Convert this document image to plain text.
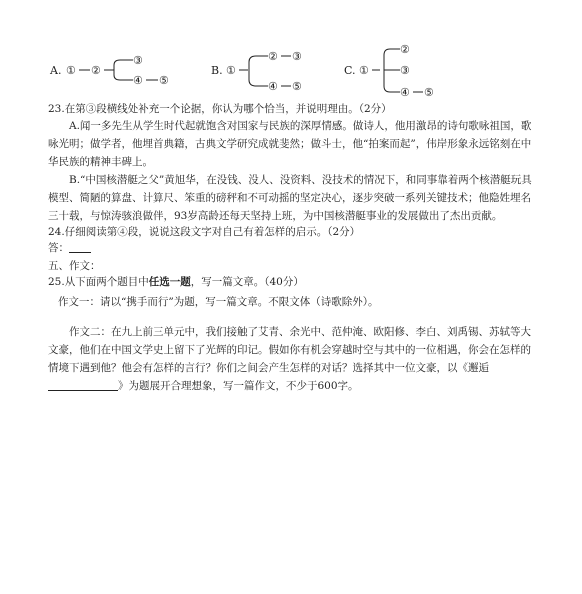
A. ① ②
③
④ ⑤
B. ①
② ③
④ ⑤
C. ①
②
③
④ ⑤
23.在第③段横线处补充一个论据，你认为哪个恰当，并说明理由。（2分）
A.闻一多先生从学生时代起就饱含对国家与民族的深厚情感。做诗人，他用激昂的诗句歌咏祖国，歌咏光明；做学者，他埋首典籍，古典文学研究成就斐然；做斗士，他“拍案而起”，伟岸形象永远铭刻在中华民族的精神丰碑上。
B.“中国核潜艇之父”黄旭华，在没钱、没人、没资料、没技术的情况下，和同事靠着两个核潜艇玩具模型、简陋的算盘、计算尺、笨重的磅秤和不可动摇的坚定决心，逐步突破一系列关键技术；他隐姓埋名三十载，与惊涛骇浪做伴，93岁高龄还每天坚持上班，为中国核潜艇事业的发展做出了杰出贡献。
24.仔细阅读第④段，说说这段文字对自己有着怎样的启示。（2分）
答：
五、作文：
25.从下面两个题目中任选一题，写一篇文章。（40分）
作文一：请以“携手而行”为题，写一篇文章。不限文体（诗歌除外）。
作文二：在九上前三单元中，我们接触了艾青、余光中、范仲淹、欧阳修、李白、刘禹锡、苏轼等大文豪，他们在中国文学史上留下了光辉的印记。假如你有机会穿越时空与其中的一位相遇，你会在怎样的情境下遇到他？他会有怎样的言行？你们之间会产生怎样的对话？选择其中一位文豪，以《邂逅》为题展开合理想象，写一篇作文，不少于600字。
